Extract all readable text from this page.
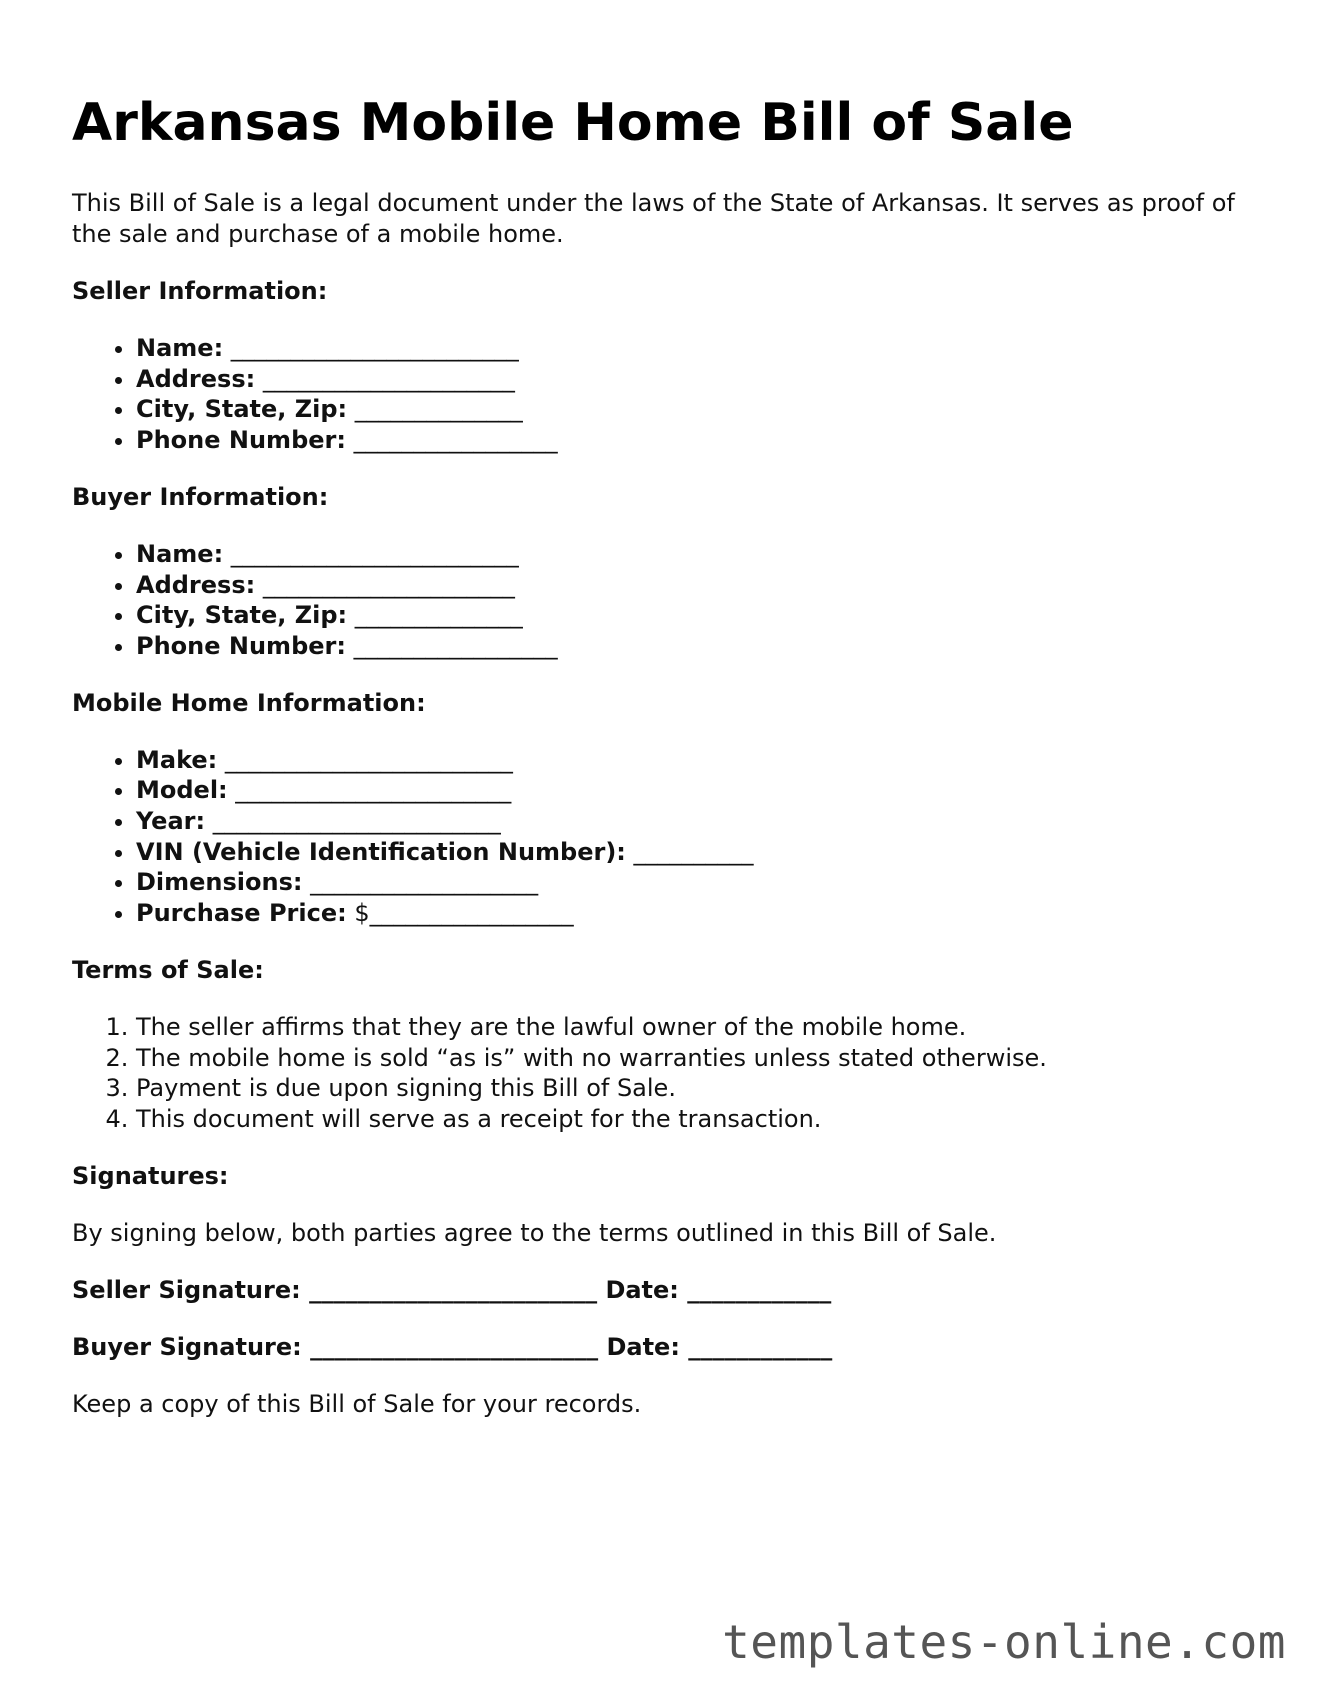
Arkansas Mobile Home Bill of Sale

This Bill of Sale is a legal document under the laws of the State of Arkansas. It serves as proof of the sale and purchase of a mobile home.

Seller Information:

• Name: ________________________
• Address: _____________________
• City, State, Zip: ______________
• Phone Number: _________________

Buyer Information:

• Name: ________________________
• Address: _____________________
• City, State, Zip: ______________
• Phone Number: _________________

Mobile Home Information:

• Make: ________________________
• Model: _______________________
• Year: ________________________
• VIN (Vehicle Identification Number): __________
• Dimensions: ___________________
• Purchase Price: $_________________

Terms of Sale:

1. The seller affirms that they are the lawful owner of the mobile home.
2. The mobile home is sold “as is” with no warranties unless stated otherwise.
3. Payment is due upon signing this Bill of Sale.
4. This document will serve as a receipt for the transaction.

Signatures:

By signing below, both parties agree to the terms outlined in this Bill of Sale.

Seller Signature: ________________________ Date: ____________

Buyer Signature: ________________________ Date: ____________

Keep a copy of this Bill of Sale for your records.

templates-online.com
